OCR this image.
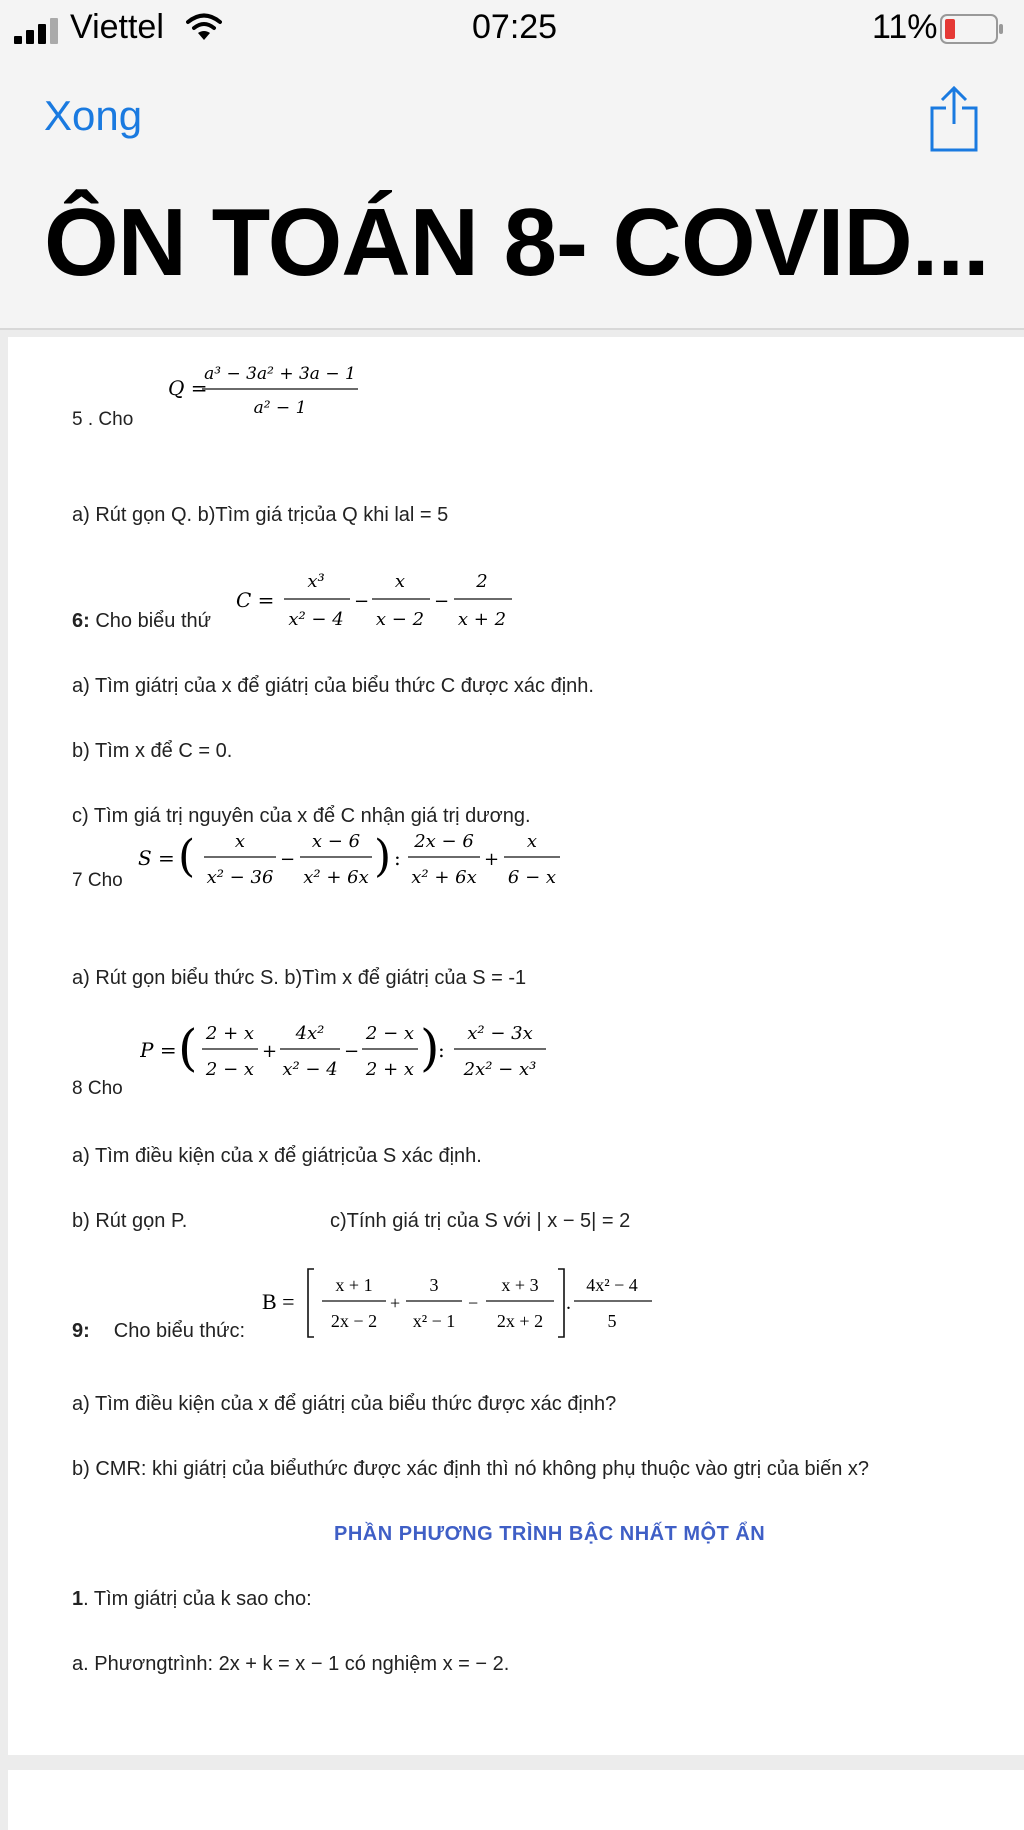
Viettel	07:25	11%
Xong
ÔN TOÁN 8- COVID...
5 . Cho
Q =
a³ − 3a² + 3a − 1
a² − 1
a) Rút gọn Q. b)Tìm giá trịcủa Q khi lal = 5
6: Cho biểu thứ
C =
x³
x² − 4
−
x
x − 2
−
2
x + 2
a) Tìm giátrị của x để giátrị của biểu thức C được xác định.
b) Tìm x để C = 0.
c) Tìm giá trị nguyên của x để C nhận giá trị dương.
7 Cho
S = ( x
x² − 36
−
x − 6
x² + 6x ) :
2x − 6
x² + 6x
+
x
6 − x
a) Rút gọn biểu thức S. b)Tìm x để giátrị của S = -1
8 Cho
P = ( 2 + x
2 − x
+
4x²
x² − 4
−
2 − x
2 + x )
:
x² − 3x
2x² − x³
a) Tìm điều kiện của x để giátrịcủa S xác định.
b) Rút gọn P.	c)Tính giá trị của S với | x − 5| = 2
9: Cho biểu thức:
B =
x + 1
2x − 2
+
3
x² − 1
−
x + 3
2x + 2
.
4x² − 4
5
a) Tìm điều kiện của x để giátrị của biểu thức được xác định?
b) CMR: khi giátrị của biểuthức được xác định thì nó không phụ thuộc vào gtrị của biến x?
PHẦN PHƯƠNG TRÌNH BẬC NHẤT MỘT ẨN
1. Tìm giátrị của k sao cho:
a. Phươngtrình: 2x + k = x − 1 có nghiệm x = − 2.
